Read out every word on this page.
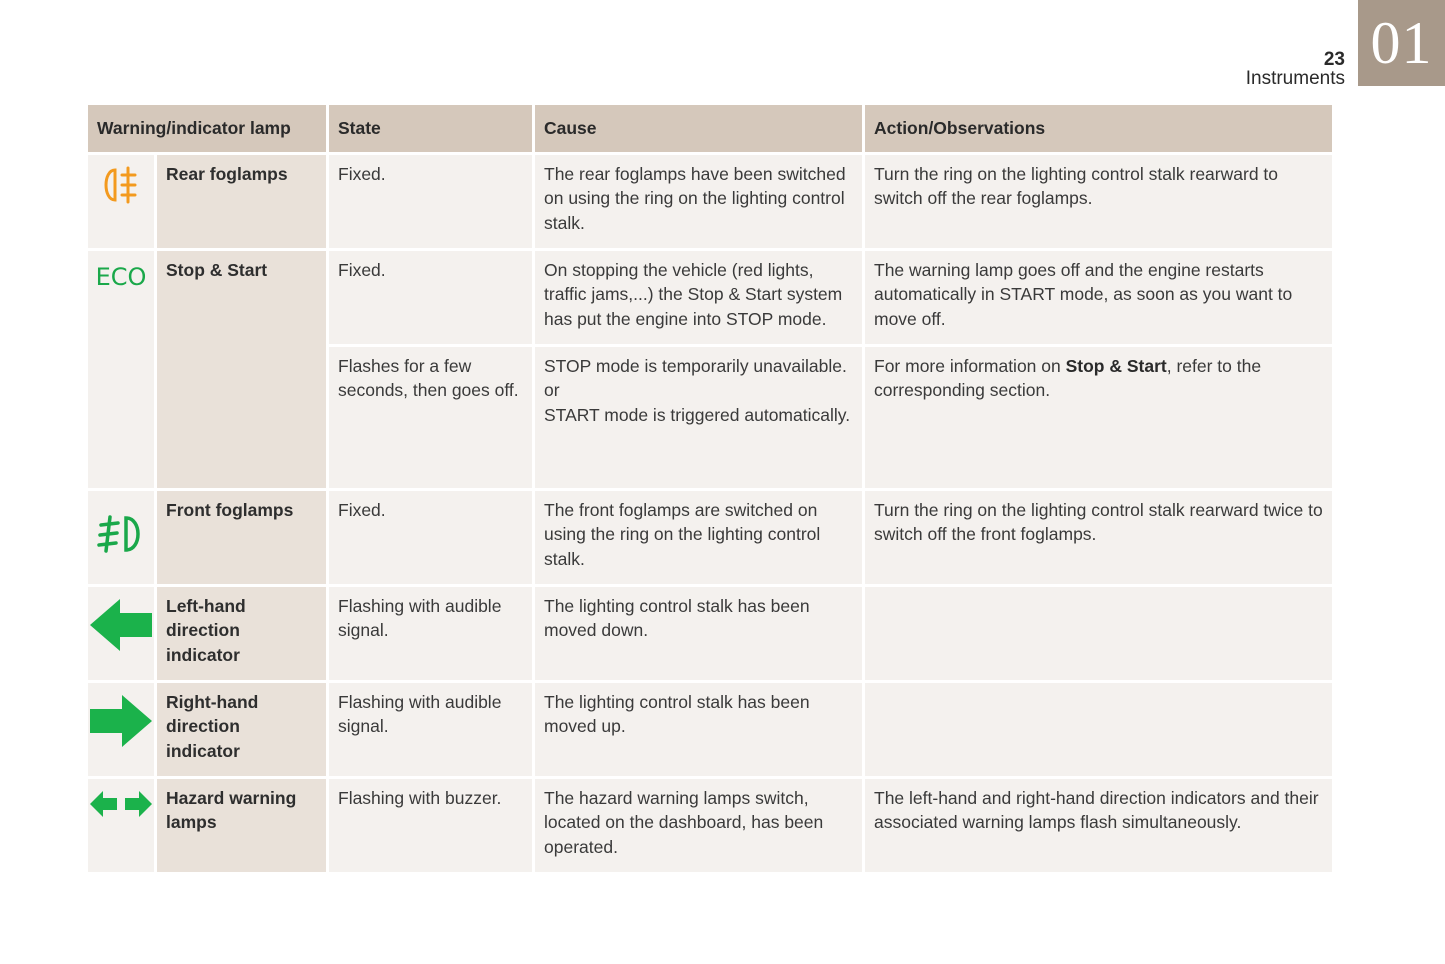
01
23
Instruments
Warning/indicator lamp		State	Cause	Action/Observations
	Rear foglamps	Fixed.	The rear foglamps have been switched on using the ring on the lighting control stalk.	Turn the ring on the lighting control stalk rearward to switch off the rear foglamps.

ECO	Stop & Start	Fixed.	On stopping the vehicle (red lights, traffic jams,...) the Stop & Start system has put the engine into STOP mode.	The warning lamp goes off and the engine restarts automatically in START mode, as soon as you want to move off.
		Flashes for a few seconds, then goes off.	STOP mode is temporarily unavailable.
or
START mode is triggered automatically.	For more information on Stop & Start, refer to the corresponding section.
	Front foglamps	Fixed.	The front foglamps are switched on using the ring on the lighting control stalk.	Turn the ring on the lighting control stalk rearward twice to switch off the front foglamps.
	Left-hand direction indicator	Flashing with audible signal.	The lighting control stalk has been moved down.	
	Right-hand direction indicator	Flashing with audible signal.	The lighting control stalk has been moved up.	
	Hazard warning lamps	Flashing with buzzer.	The hazard warning lamps switch, located on the dashboard, has been operated.	The left-hand and right-hand direction indicators and their associated warning lamps flash simultaneously.
